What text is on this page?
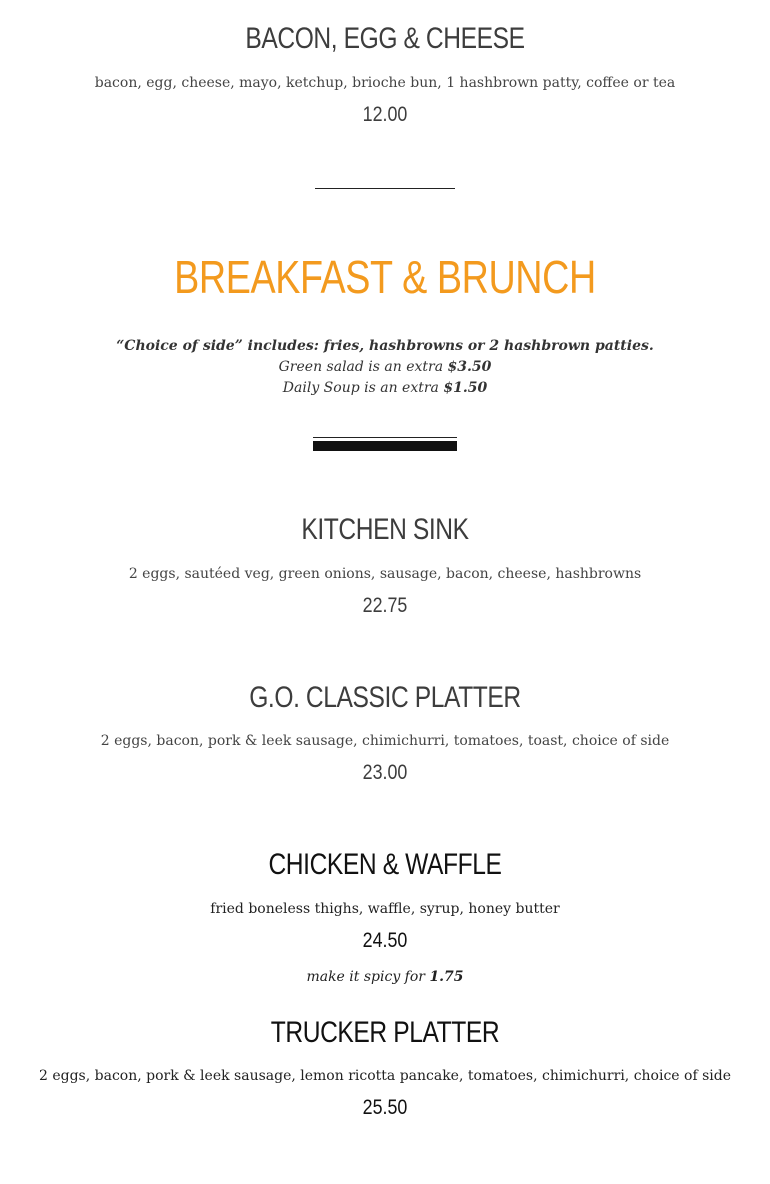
BACON, EGG & CHEESE
bacon, egg, cheese, mayo, ketchup, brioche bun, 1 hashbrown patty, coffee or tea
12.00
BREAKFAST & BRUNCH
“Choice of side” includes: fries, hashbrowns or 2 hashbrown patties.
Green salad is an extra $3.50
Daily Soup is an extra $1.50
KITCHEN SINK
2 eggs, sautéed veg, green onions, sausage, bacon, cheese, hashbrowns
22.75
G.O. CLASSIC PLATTER
2 eggs, bacon, pork & leek sausage, chimichurri, tomatoes, toast, choice of side
23.00
CHICKEN & WAFFLE
fried boneless thighs, waffle, syrup, honey butter
24.50
make it spicy for 1.75
TRUCKER PLATTER
2 eggs, bacon, pork & leek sausage, lemon ricotta pancake, tomatoes, chimichurri, choice of side
25.50
